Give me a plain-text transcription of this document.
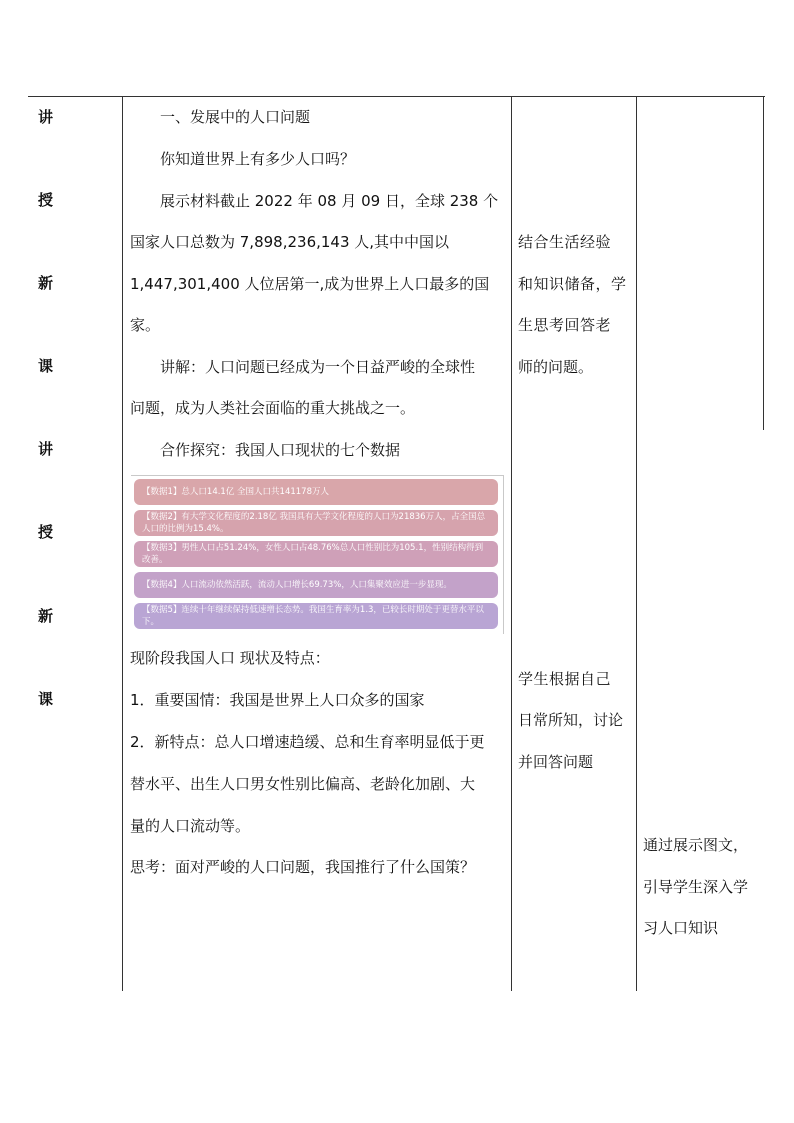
讲
授
新
课
讲
授
新
课
一、发展中的人口问题
你知道世界上有多少人口吗？
展示材料截止 2022 年 08 月 09 日，全球 238 个
国家人口总数为 7,898,236,143 人,其中中国以
1,447,301,400 人位居第一,成为世界上人口最多的国
家。
讲解：人口问题已经成为一个日益严峻的全球性
问题，成为人类社会面临的重大挑战之一。
合作探究：我国人口现状的七个数据
【数据1】总人口14.1亿 全国人口共141178万人
【数据2】有大学文化程度的2.18亿 我国具有大学文化程度的人口为21836万人，占全国总人口的比例为15.4%。
【数据3】男性人口占51.24%，女性人口占48.76%总人口性别比为105.1，性别结构得到改善。
【数据4】人口流动依然活跃，流动人口增长69.73%，人口集聚效应进一步显现。
【数据5】连续十年继续保持低速增长态势。我国生育率为1.3，已较长时期处于更替水平以下。
现阶段我国人口 现状及特点：
1．重要国情：我国是世界上人口众多的国家
2．新特点：总人口增速趋缓、总和生育率明显低于更
替水平、出生人口男女性别比偏高、老龄化加剧、大
量的人口流动等。
思考：面对严峻的人口问题，我国推行了什么国策？
结合生活经验
和知识储备，学
生思考回答老
师的问题。
学生根据自己
日常所知，讨论
并回答问题
通过展示图文，
引导学生深入学
习人口知识
